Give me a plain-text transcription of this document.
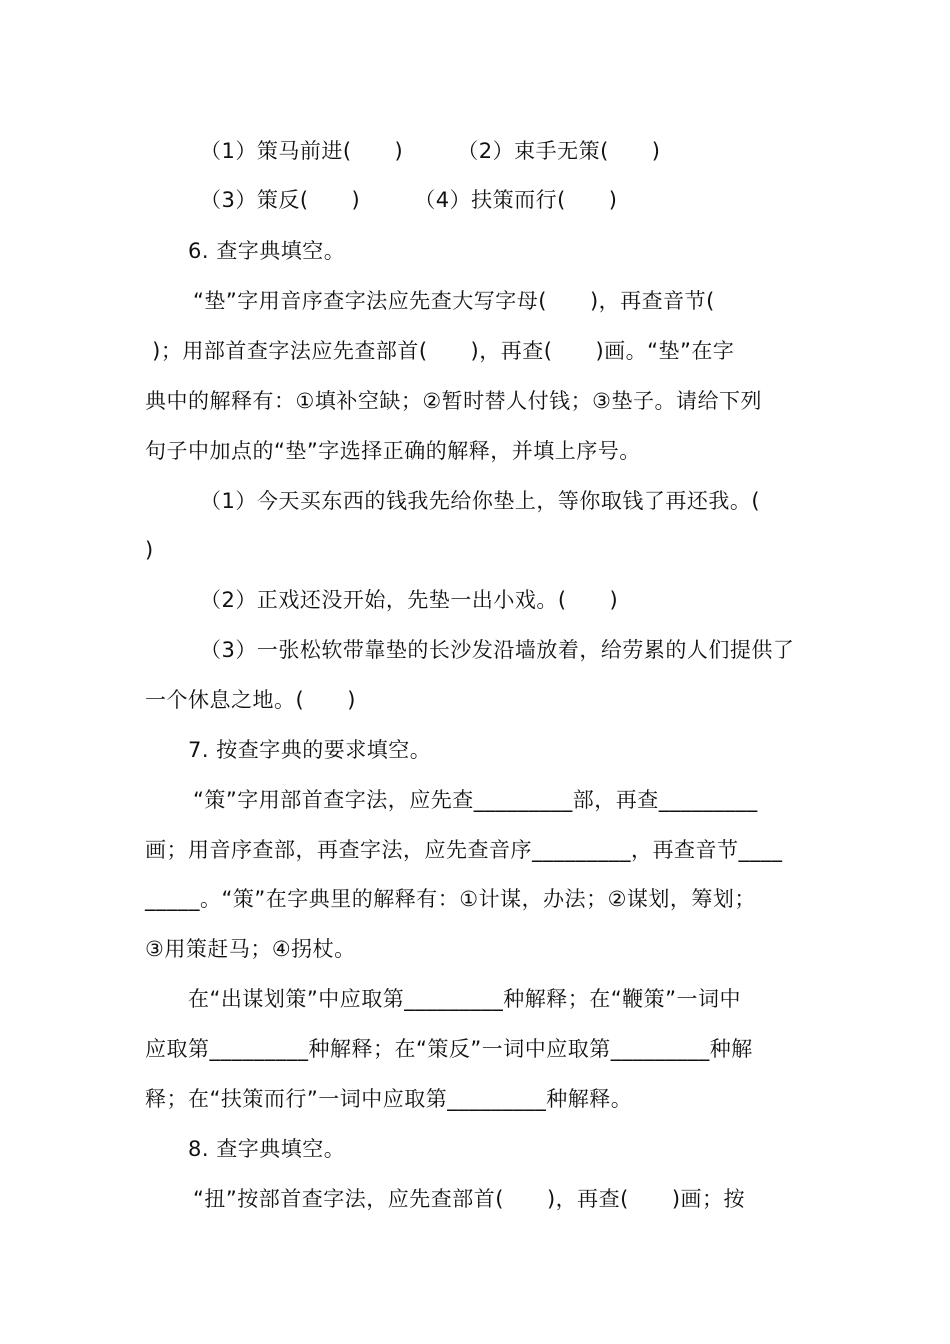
（1）策马前进(　　)　　　（2）束手无策(　　)
（3）策反(　　)　　　（4）扶策而行(　　)
6. 查字典填空。
“垫”字用音序查字法应先查大写字母(　　)，再查音节(
)；用部首查字法应先查部首(　　)，再查(　　)画。“垫”在字
典中的解释有：①填补空缺；②暂时替人付钱；③垫子。请给下列
句子中加点的“垫”字选择正确的解释，并填上序号。
（1）今天买东西的钱我先给你垫上，等你取钱了再还我。(
)
（2）正戏还没开始，先垫一出小戏。(　　)
（3）一张松软带靠垫的长沙发沿墙放着，给劳累的人们提供了
一个休息之地。(　　)
7. 按查字典的要求填空。
“策”字用部首查字法，应先查_________部，再查_________
画；用音序查部，再查字法，应先查音序_________，再查音节____
_____。“策”在字典里的解释有：①计谋，办法；②谋划，筹划；
③用策赶马；④拐杖。
在“出谋划策”中应取第_________种解释；在“鞭策”一词中
应取第_________种解释；在“策反”一词中应取第_________种解
释；在“扶策而行”一词中应取第_________种解释。
8. 查字典填空。
“扭”按部首查字法，应先查部首(　　)，再查(　　)画；按
